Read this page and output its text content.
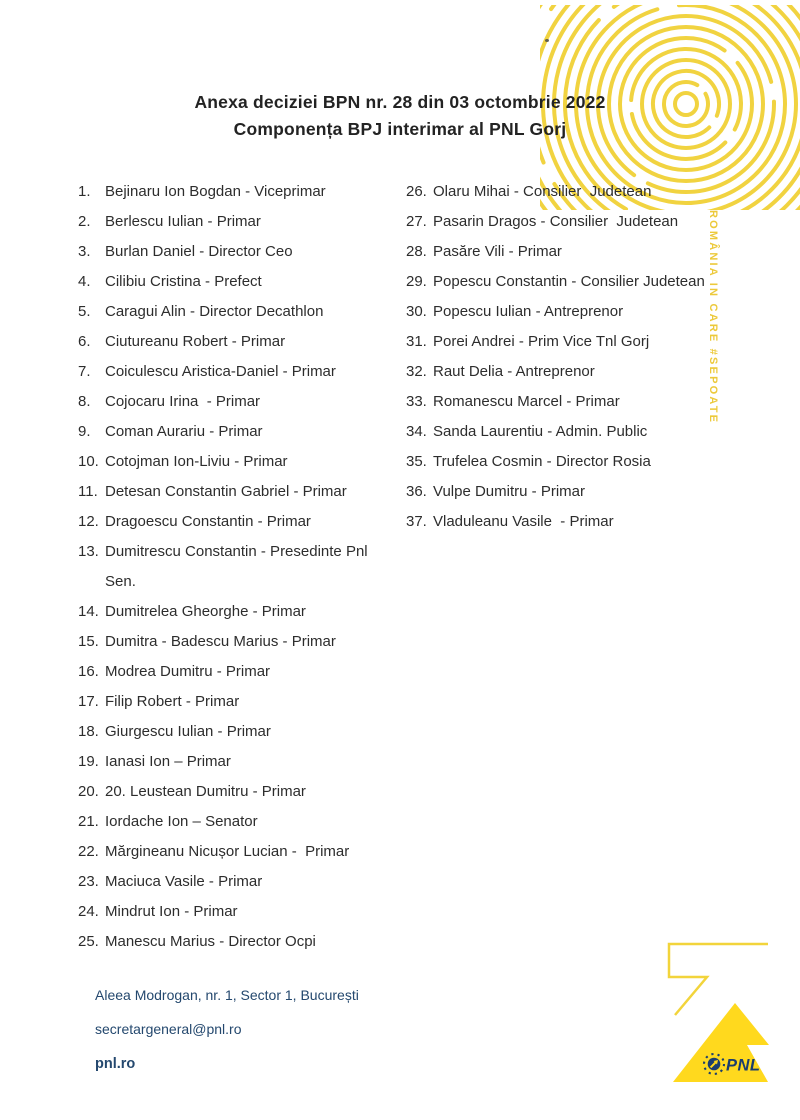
Anexa deciziei BPN nr. 28 din 03 octombrie 2022
Componența BPJ interimar al PNL Gorj
1. Bejinaru Ion Bogdan - Viceprimar
2. Berlescu Iulian - Primar
3. Burlan Daniel - Director Ceo
4. Cilibiu Cristina - Prefect
5. Caragui Alin - Director Decathlon
6. Ciutureanu Robert - Primar
7. Coiculescu Aristica-Daniel - Primar
8. Cojocaru Irina  - Primar
9. Coman Aurariu - Primar
10. Cotojman Ion-Liviu - Primar
11. Detesan Constantin Gabriel - Primar
12. Dragoescu Constantin - Primar
13. Dumitrescu Constantin - Presedinte Pnl Sen.
14. Dumitrelea Gheorghe - Primar
15. Dumitra - Badescu Marius - Primar
16. Modrea Dumitru - Primar
17. Filip Robert - Primar
18. Giurgescu Iulian - Primar
19. Ianasi Ion – Primar
20. 20. Leustean Dumitru - Primar
21. Iordache Ion – Senator
22. Mărgineanu Nicușor Lucian -  Primar
23. Maciuca Vasile - Primar
24. Mindrut Ion - Primar
25. Manescu Marius - Director Ocpi
26. Olaru Mihai - Consilier  Judetean
27. Pasarin Dragos - Consilier  Judetean
28. Pasăre Vili - Primar
29. Popescu Constantin - Consilier Judetean
30. Popescu Iulian - Antreprenor
31. Porei Andrei - Prim Vice Tnl Gorj
32. Raut Delia - Antreprenor
33. Romanescu Marcel - Primar
34. Sanda Laurentiu - Admin. Public
35. Trufelea Cosmin - Director Rosia
36. Vulpe Dumitru - Primar
37. Vladuleanu Vasile  - Primar
ROMÂNIA IN CARE #SEPOATE
Aleea Modrogan, nr. 1, Sector 1, București
secretargeneral@pnl.ro
pnl.ro	PNL
